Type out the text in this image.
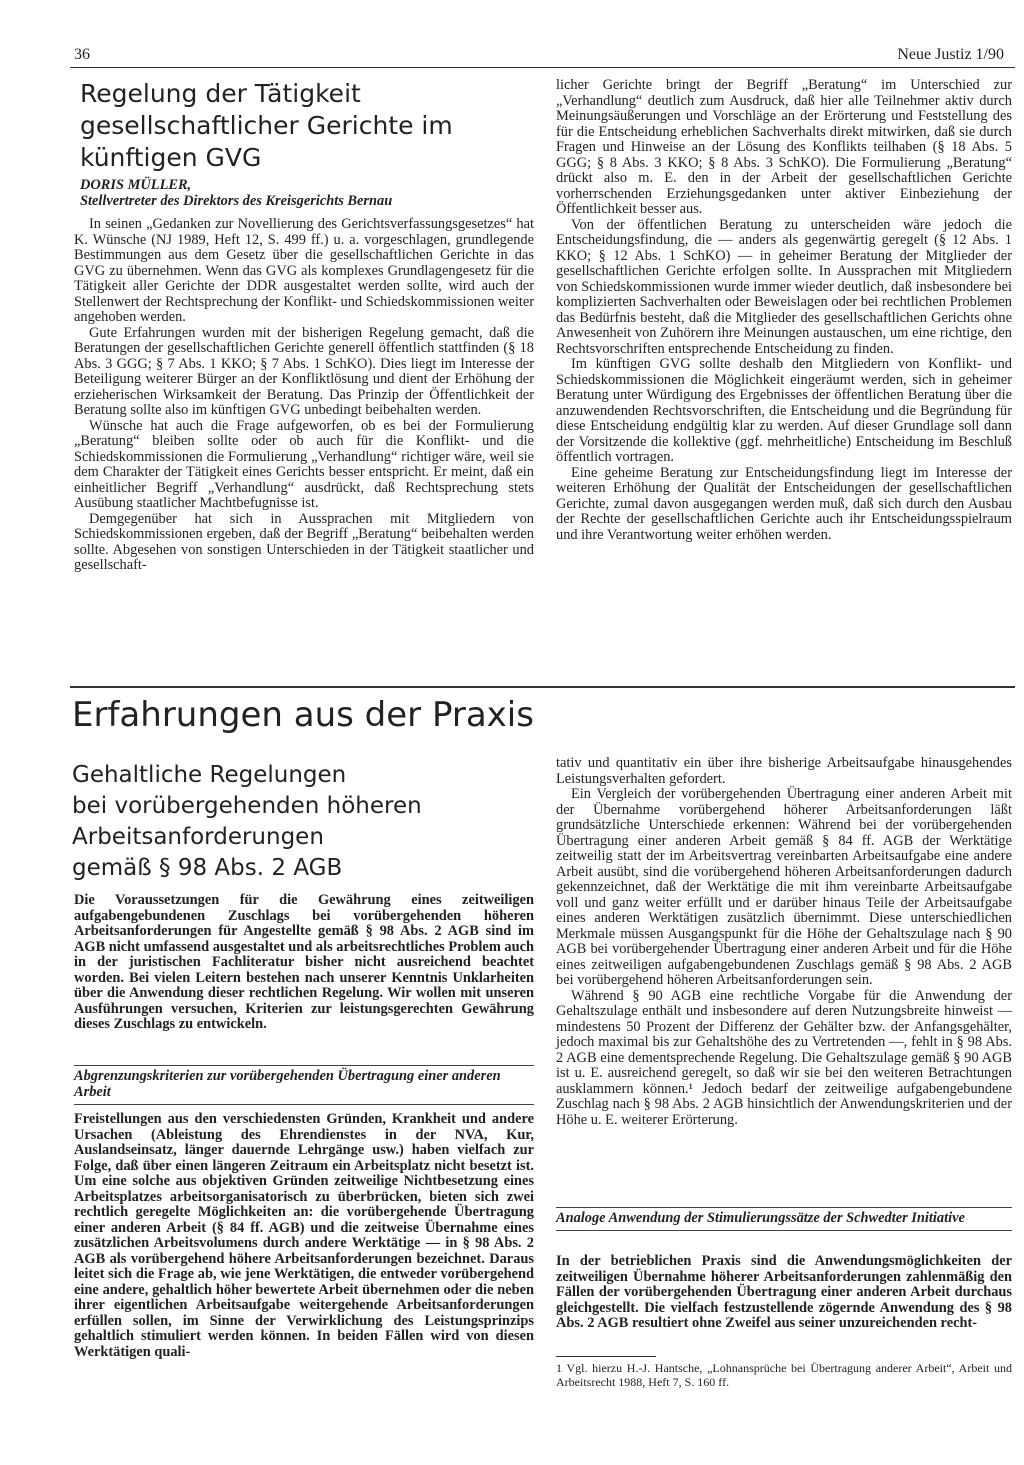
36	Neue Justiz 1/90
Regelung der Tätigkeit gesellschaftlicher Gerichte im künftigen GVG
DORIS MÜLLER,
Stellvertreter des Direktors des Kreisgerichts Bernau

In seinen „Gedanken zur Novellierung des Gerichtsverfassungsgesetzes“ hat K. Wünsche (NJ 1989, Heft 12, S. 499 ff.) u. a. vorgeschlagen, grundlegende Bestimmungen aus dem Gesetz über die gesellschaftlichen Gerichte in das GVG zu übernehmen. Wenn das GVG als komplexes Grundlagengesetz für die Tätigkeit aller Gerichte der DDR ausgestaltet werden sollte, wird auch der Stellenwert der Rechtsprechung der Konflikt- und Schiedskommissionen weiter angehoben werden.

Gute Erfahrungen wurden mit der bisherigen Regelung gemacht, daß die Beratungen der gesellschaftlichen Gerichte generell öffentlich stattfinden (§ 18 Abs. 3 GGG; § 7 Abs. 1 KKO; § 7 Abs. 1 SchKO). Dies liegt im Interesse der Beteiligung weiterer Bürger an der Konfliktlösung und dient der Erhöhung der erzieherischen Wirksamkeit der Beratung. Das Prinzip der Öffentlichkeit der Beratung sollte also im künftigen GVG unbedingt beibehalten werden.

Wünsche hat auch die Frage aufgeworfen, ob es bei der Formulierung „Beratung“ bleiben sollte oder ob auch für die Konflikt- und die Schiedskommissionen die Formulierung „Verhandlung“ richtiger wäre, weil sie dem Charakter der Tätigkeit eines Gerichts besser entspricht. Er meint, daß ein einheitlicher Begriff „Verhandlung“ ausdrückt, daß Rechtsprechung stets Ausübung staatlicher Machtbefugnisse ist.

Demgegenüber hat sich in Aussprachen mit Mitgliedern von Schiedskommissionen ergeben, daß der Begriff „Beratung“ beibehalten werden sollte. Abgesehen von sonstigen Unterschieden in der Tätigkeit staatlicher und gesellschaft-

licher Gerichte bringt der Begriff „Beratung“ im Unterschied zur „Verhandlung“ deutlich zum Ausdruck, daß hier alle Teilnehmer aktiv durch Meinungsäußerungen und Vorschläge an der Erörterung und Feststellung des für die Entscheidung erheblichen Sachverhalts direkt mitwirken, daß sie durch Fragen und Hinweise an der Lösung des Konflikts teilhaben (§ 18 Abs. 5 GGG; § 8 Abs. 3 KKO; § 8 Abs. 3 SchKO). Die Formulierung „Beratung“ drückt also m. E. den in der Arbeit der gesellschaftlichen Gerichte vorherrschenden Erziehungsgedanken unter aktiver Einbeziehung der Öffentlichkeit besser aus.

Von der öffentlichen Beratung zu unterscheiden wäre jedoch die Entscheidungsfindung, die — anders als gegenwärtig geregelt (§ 12 Abs. 1 KKO; § 12 Abs. 1 SchKO) — in geheimer Beratung der Mitglieder der gesellschaftlichen Gerichte erfolgen sollte. In Aussprachen mit Mitgliedern von Schiedskommissionen wurde immer wieder deutlich, daß insbesondere bei komplizierten Sachverhalten oder Beweislagen oder bei rechtlichen Problemen das Bedürfnis besteht, daß die Mitglieder des gesellschaftlichen Gerichts ohne Anwesenheit von Zuhörern ihre Meinungen austauschen, um eine richtige, den Rechtsvorschriften entsprechende Entscheidung zu finden.

Im künftigen GVG sollte deshalb den Mitgliedern von Konflikt- und Schiedskommissionen die Möglichkeit eingeräumt werden, sich in geheimer Beratung unter Würdigung des Ergebnisses der öffentlichen Beratung über die anzuwendenden Rechtsvorschriften, die Entscheidung und die Begründung für diese Entscheidung endgültig klar zu werden. Auf dieser Grundlage soll dann der Vorsitzende die kollektive (ggf. mehrheitliche) Entscheidung im Beschluß öffentlich vortragen.

Eine geheime Beratung zur Entscheidungsfindung liegt im Interesse der weiteren Erhöhung der Qualität der Entscheidungen der gesellschaftlichen Gerichte, zumal davon ausgegangen werden muß, daß sich durch den Ausbau der Rechte der gesellschaftlichen Gerichte auch ihr Entscheidungsspielraum und ihre Verantwortung weiter erhöhen werden.

Erfahrungen aus der Praxis
Gehaltliche Regelungen
bei vorübergehenden höheren
Arbeitsanforderungen
gemäß § 98 Abs. 2 AGB

Die Voraussetzungen für die Gewährung eines zeitweiligen aufgabengebundenen Zuschlags bei vorübergehenden höheren Arbeitsanforderungen für Angestellte gemäß § 98 Abs. 2 AGB sind im AGB nicht umfassend ausgestaltet und als arbeitsrechtliches Problem auch in der juristischen Fachliteratur bisher nicht ausreichend beachtet worden. Bei vielen Leitern bestehen nach unserer Kenntnis Unklarheiten über die Anwendung dieser rechtlichen Regelung. Wir wollen mit unseren Ausführungen versuchen, Kriterien zur leistungsgerechten Gewährung dieses Zuschlags zu entwickeln.

Abgrenzungskriterien zur vorübergehenden Übertragung einer anderen Arbeit

Freistellungen aus den verschiedensten Gründen, Krankheit und andere Ursachen (Ableistung des Ehrendienstes in der NVA, Kur, Auslandseinsatz, länger dauernde Lehrgänge usw.) haben vielfach zur Folge, daß über einen längeren Zeitraum ein Arbeitsplatz nicht besetzt ist. Um eine solche aus objektiven Gründen zeitweilige Nichtbesetzung eines Arbeitsplatzes arbeitsorganisatorisch zu überbrücken, bieten sich zwei rechtlich geregelte Möglichkeiten an: die vorübergehende Übertragung einer anderen Arbeit (§ 84 ff. AGB) und die zeitweise Übernahme eines zusätzlichen Arbeitsvolumens durch andere Werktätige — in § 98 Abs. 2 AGB als vorübergehend höhere Arbeitsanforderungen bezeichnet. Daraus leitet sich die Frage ab, wie jene Werktätigen, die entweder vorübergehend eine andere, gehaltlich höher bewertete Arbeit übernehmen oder die neben ihrer eigentlichen Arbeitsaufgabe weitergehende Arbeitsanforderungen erfüllen sollen, im Sinne der Verwirklichung des Leistungsprinzips gehaltlich stimuliert werden können. In beiden Fällen wird von diesen Werktätigen quali-

tativ und quantitativ ein über ihre bisherige Arbeitsaufgabe hinausgehendes Leistungsverhalten gefordert.

Ein Vergleich der vorübergehenden Übertragung einer anderen Arbeit mit der Übernahme vorübergehend höherer Arbeitsanforderungen läßt grundsätzliche Unterschiede erkennen: Während bei der vorübergehenden Übertragung einer anderen Arbeit gemäß § 84 ff. AGB der Werktätige zeitweilig statt der im Arbeitsvertrag vereinbarten Arbeitsaufgabe eine andere Arbeit ausübt, sind die vorübergehend höheren Arbeitsanforderungen dadurch gekennzeichnet, daß der Werktätige die mit ihm vereinbarte Arbeitsaufgabe voll und ganz weiter erfüllt und er darüber hinaus Teile der Arbeitsaufgabe eines anderen Werktätigen zusätzlich übernimmt. Diese unterschiedlichen Merkmale müssen Ausgangspunkt für die Höhe der Gehaltszulage nach § 90 AGB bei vorübergehender Übertragung einer anderen Arbeit und für die Höhe eines zeitweiligen aufgabengebundenen Zuschlags gemäß § 98 Abs. 2 AGB bei vorübergehend höheren Arbeitsanforderungen sein.

Während § 90 AGB eine rechtliche Vorgabe für die Anwendung der Gehaltszulage enthält und insbesondere auf deren Nutzungsbreite hinweist — mindestens 50 Prozent der Differenz der Gehälter bzw. der Anfangsgehälter, jedoch maximal bis zur Gehaltshöhe des zu Vertretenden —, fehlt in § 98 Abs. 2 AGB eine dementsprechende Regelung. Die Gehaltszulage gemäß § 90 AGB ist u. E. ausreichend geregelt, so daß wir sie bei den weiteren Betrachtungen ausklammern können.¹ Jedoch bedarf der zeitweilige aufgabengebundene Zuschlag nach § 98 Abs. 2 AGB hinsichtlich der Anwendungskriterien und der Höhe u. E. weiterer Erörterung.

Analoge Anwendung der Stimulierungssätze der Schwedter Initiative

In der betrieblichen Praxis sind die Anwendungsmöglichkeiten der zeitweiligen Übernahme höherer Arbeitsanforderungen zahlenmäßig den Fällen der vorübergehenden Übertragung einer anderen Arbeit durchaus gleichgestellt. Die vielfach festzustellende zögernde Anwendung des § 98 Abs. 2 AGB resultiert ohne Zweifel aus seiner unzureichenden recht-

1 Vgl. hierzu H.-J. Hantsche, „Lohnansprüche bei Übertragung anderer Arbeit“, Arbeit und Arbeitsrecht 1988, Heft 7, S. 160 ff.
